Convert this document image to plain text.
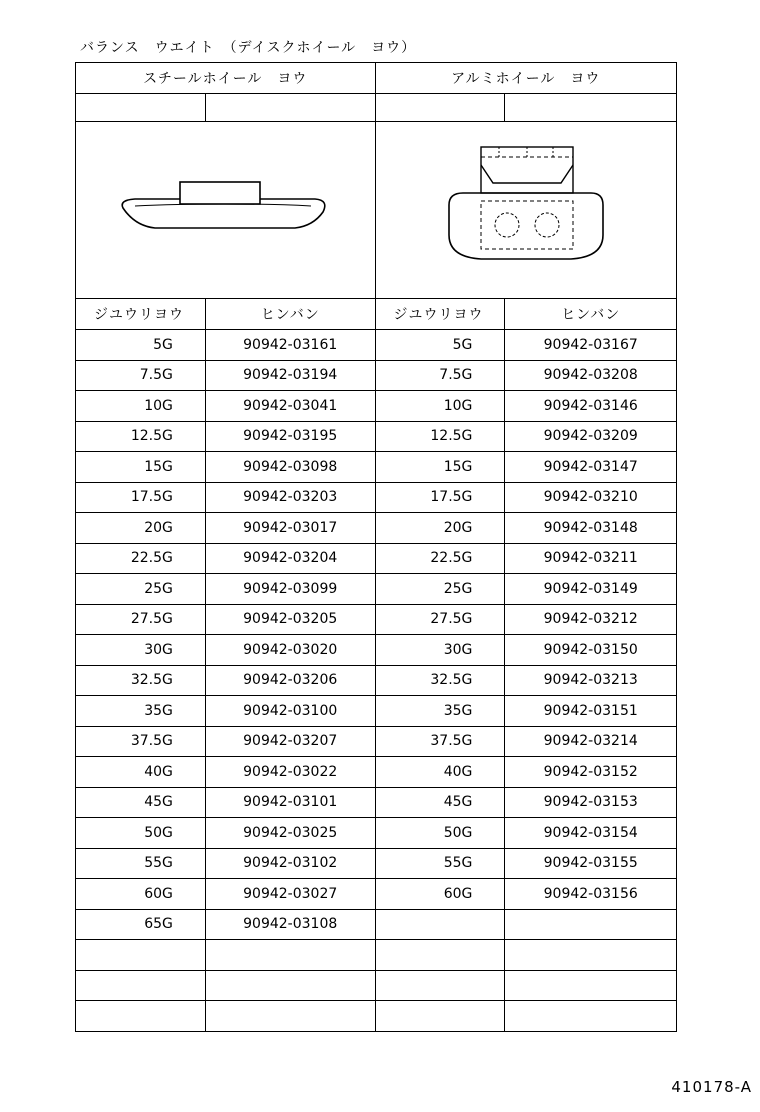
バランス　ウエイト　（デイスクホイール　ヨウ）
スチールホイール　ヨウ		アルミホイール　ヨウ	

ジユウリヨウ	ヒンバン	ジユウリヨウ	ヒンバン
5G	90942-03161	5G	90942-03167
7.5G	90942-03194	7.5G	90942-03208
10G	90942-03041	10G	90942-03146
12.5G	90942-03195	12.5G	90942-03209
15G	90942-03098	15G	90942-03147
17.5G	90942-03203	17.5G	90942-03210
20G	90942-03017	20G	90942-03148
22.5G	90942-03204	22.5G	90942-03211
25G	90942-03099	25G	90942-03149
27.5G	90942-03205	27.5G	90942-03212
30G	90942-03020	30G	90942-03150
32.5G	90942-03206	32.5G	90942-03213
35G	90942-03100	35G	90942-03151
37.5G	90942-03207	37.5G	90942-03214
40G	90942-03022	40G	90942-03152
45G	90942-03101	45G	90942-03153
50G	90942-03025	50G	90942-03154
55G	90942-03102	55G	90942-03155
60G	90942-03027	60G	90942-03156
65G	90942-03108		

410178-A
